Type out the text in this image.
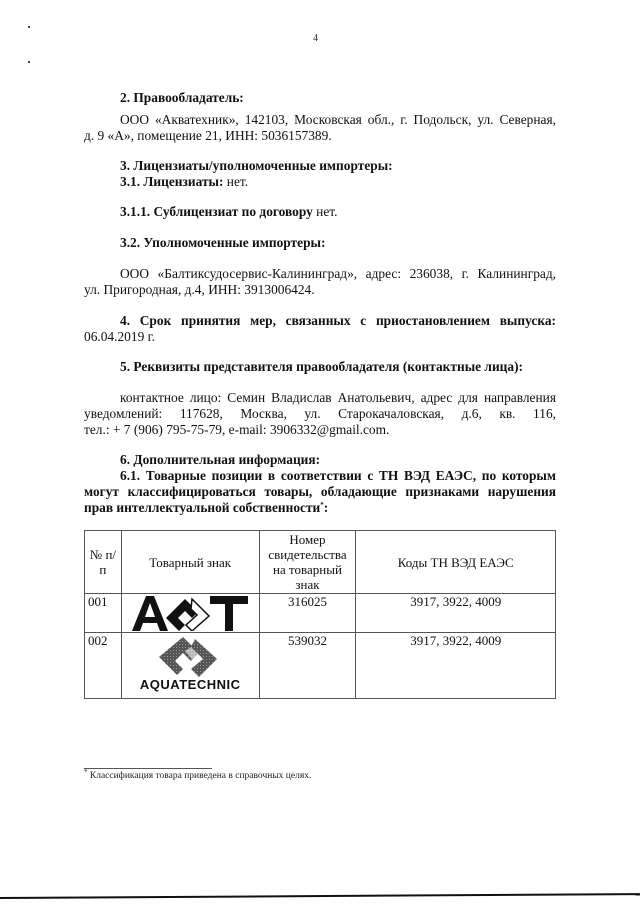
4
2. Правообладатель:
ООО «Акватехник», 142103, Московская обл., г. Подольск, ул. Северная,
д. 9 «А», помещение 21, ИНН: 5036157389.
3. Лицензиаты/уполномоченные импортеры:
3.1. Лицензиаты: нет.
3.1.1. Сублицензиат по договору нет.
3.2. Уполномоченные импортеры:
ООО «Балтиксудосервис-Калининград», адрес: 236038, г. Калининград,
ул. Пригородная, д.4, ИНН: 3913006424.
4. Срок принятия мер, связанных с приостановлением выпуска:
06.04.2019 г.
5. Реквизиты представителя правообладателя (контактные лица):
контактное лицо: Семин Владислав Анатольевич, адрес для направления
уведомлений: 117628, Москва, ул. Старокачаловская, д.6, кв. 116,
тел.: + 7 (906) 795-75-79, e-mail: 3906332@gmail.com.
6. Дополнительная информация:
6.1. Товарные позиции в соответствии с ТН ВЭД ЕАЭС, по которым
могут классифицироваться товары, обладающие признаками нарушения
прав интеллектуальной собственности*:
№ п/п	Товарный знак	Номер свидетельства на товарный знак	Коды ТН ВЭД ЕАЭС
001		316025	3917, 3922, 4009
002	AQUATECHNIC	539032	3917, 3922, 4009
* Классификация товара приведена в справочных целях.
